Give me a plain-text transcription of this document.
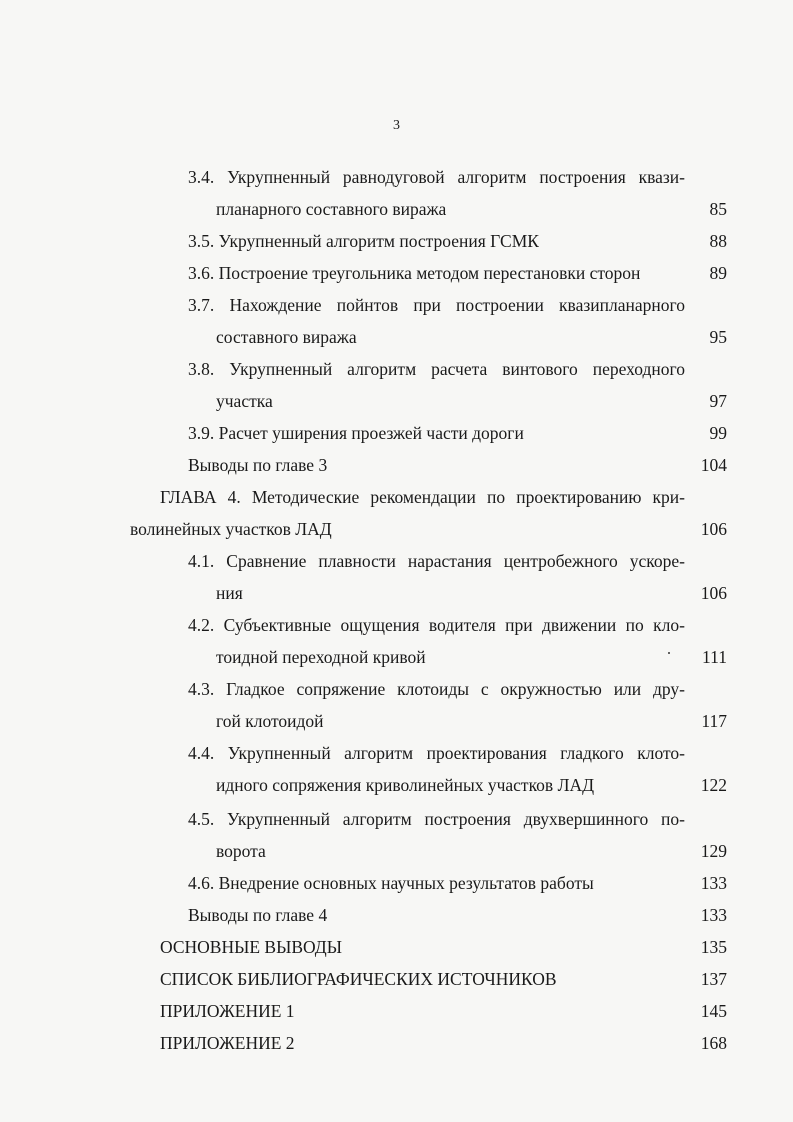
3
3.4. Укрупненный равнодуговой алгоритм построения квази-
планарного составного виража	85
3.5. Укрупненный алгоритм построения ГСМК	88
3.6. Построение треугольника методом перестановки сторон	89
3.7. Нахождение пойнтов при построении квазипланарного
составного виража	95
3.8. Укрупненный алгоритм расчета винтового переходного
участка	97
3.9. Расчет уширения проезжей части дороги	99
Выводы по главе 3	104
ГЛАВА 4. Методические рекомендации по проектированию кри-
волинейных участков ЛАД	106
4.1. Сравнение плавности нарастания центробежного ускоре-
ния	106
4.2. Субъективные ощущения водителя при движении по кло-
тоидной переходной кривой	111
4.3. Гладкое сопряжение клотоиды с окружностью или дру-
гой клотоидой	117
4.4. Укрупненный алгоритм проектирования гладкого клото-
идного сопряжения криволинейных участков ЛАД	122
4.5. Укрупненный алгоритм построения двухвершинного по-
ворота	129
4.6. Внедрение основных научных результатов работы	133
Выводы по главе 4	133
ОСНОВНЫЕ ВЫВОДЫ	135
СПИСОК БИБЛИОГРАФИЧЕСКИХ ИСТОЧНИКОВ	137
ПРИЛОЖЕНИЕ 1	145
ПРИЛОЖЕНИЕ 2	168
